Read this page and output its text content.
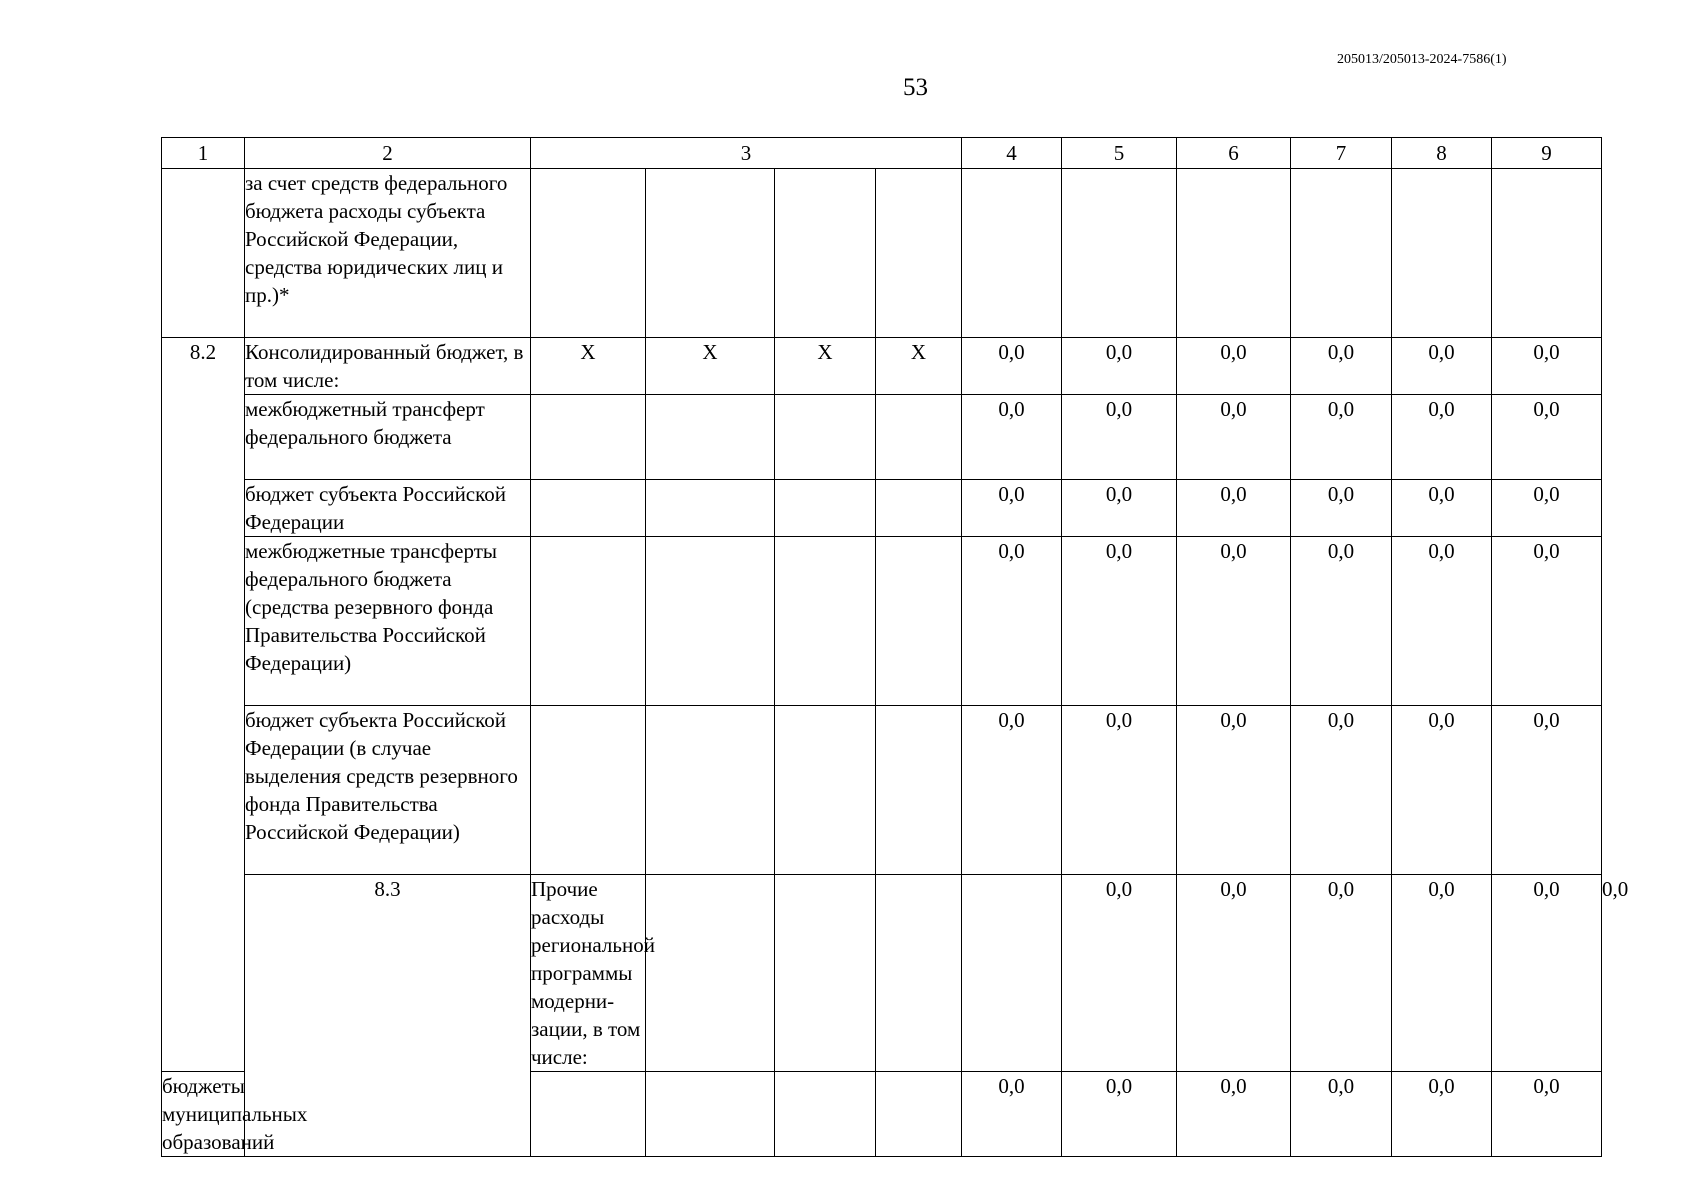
205013/205013-2024-7586(1)
53
1	2	3				4	5	6	7	8	9	
	за счет средств федерального бюджета расходы субъекта Российской Федерации, средства юридических лиц и пр.)*											
8.2	Консолидированный бюджет, в том числе:	X	X	X	X	0,0	0,0	0,0	0,0	0,0	0,0	
	межбюджетный трансферт федерального бюджета					0,0	0,0	0,0	0,0	0,0	0,0	
	бюджет субъекта Российской Федерации					0,0	0,0	0,0	0,0	0,0	0,0	
	межбюджетные трансферты федерального бюджета (средства резервного фонда Правительства Российской Федерации)					0,0	0,0	0,0	0,0	0,0	0,0	
	бюджет субъекта Российской Федерации (в случае выделения средств резервного фонда Правительства Российской Федерации)					0,0	0,0	0,0	0,0	0,0	0,0	
	8.3	Прочие расходы региональной программы модерни-зации, в том числе:					0,0	0,0	0,0	0,0	0,0	0,0
бюджеты муниципальных образований						0,0	0,0	0,0	0,0	0,0	0,0	
